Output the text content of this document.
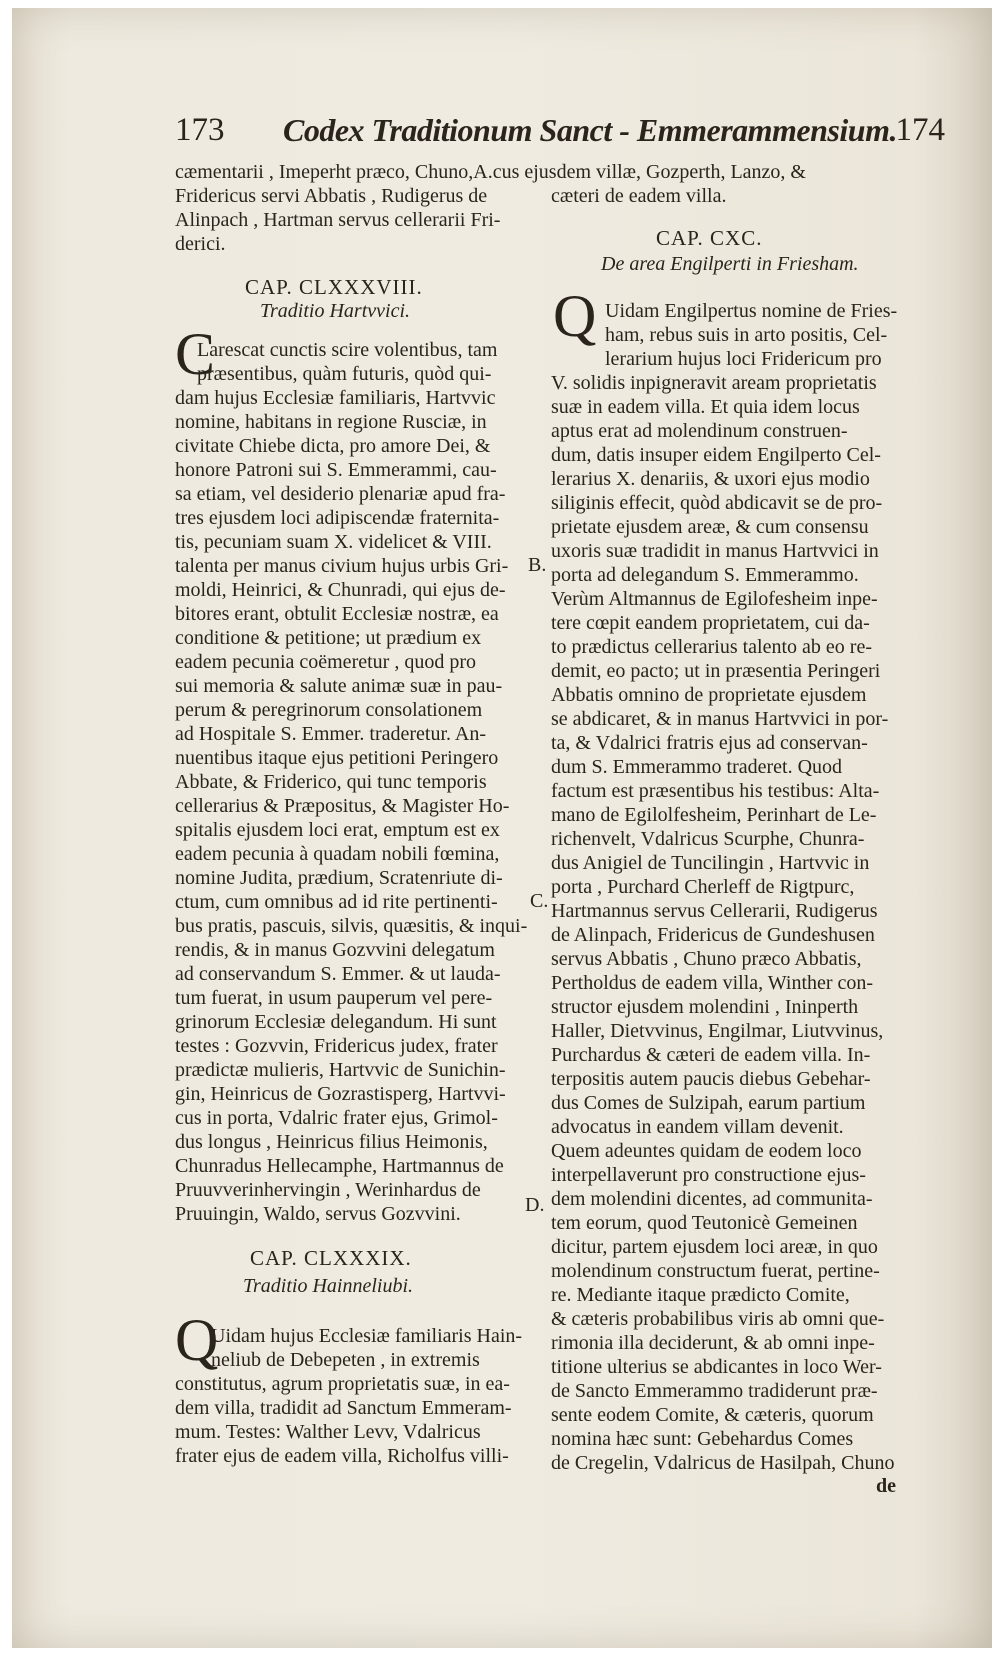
173 Codex Traditionum Sanct - Emmerammensium.
174
cæmentarii , Imeperht præco, Chuno,A.cus ejusdem villæ, Gozperth, Lanzo, &
Fridericus servi Abbatis , Rudigerus de	cæteri de eadem villa.
Alinpach , Hartman servus cellerarii Fri-
derici.	CAP. CXC.
De area Engilperti in Friesham.
CAP. CLXXXVIII.
Traditio Hartvvici.	Uidam Engilpertus nomine de Fries-
ham, rebus suis in arto positis, Cel-
lerarium hujus loci Fridericum pro
V. solidis inpigneravit aream proprietatis
suæ in eadem villa. Et quia idem locus
aptus erat ad molendinum construen-
dum, datis insuper eidem Engilperto Cel-
lerarius X. denariis, & uxori ejus modio
siliginis effecit, quòd abdicavit se de pro-
prietate ejusdem areæ, & cum consensu
uxoris suæ tradidit in manus Hartvvici in
porta ad delegandum S. Emmerammo.
Verùm Altmannus de Egilofesheim inpe-
tere cœpit eandem proprietatem, cui da-
to prædictus cellerarius talento ab eo re-
demit, eo pacto; ut in præsentia Peringeri
Abbatis omnino de proprietate ejusdem
se abdicaret, & in manus Hartvvici in por-
ta, & Vdalrici fratris ejus ad conservan-
dum S. Emmerammo traderet. Quod
factum est præsentibus his testibus: Alta-
mano de Egilolfesheim, Perinhart de Le-
richenvelt, Vdalricus Scurphe, Chunra-
dus Anigiel de Tuncilingin , Hartvvic in
porta , Purchard Cherleff de Rigtpurc,
Hartmannus servus Cellerarii, Rudigerus
de Alinpach, Fridericus de Gundeshusen
servus Abbatis , Chuno præco Abbatis,
Pertholdus de eadem villa, Winther con-
structor ejusdem molendini , Ininperth
Haller, Dietvvinus, Engilmar, Liutvvinus,
Purchardus & cæteri de eadem villa. In-
terpositis autem paucis diebus Gebehar-
dus Comes de Sulzipah, earum partium
advocatus in eandem villam devenit.
Quem adeuntes quidam de eodem loco
interpellaverunt pro constructione ejus-
dem molendini dicentes, ad communita-
tem eorum, quod Teutonicè Gemeinen
dicitur, partem ejusdem loci areæ, in quo
molendinum constructum fuerat, pertine-
re. Mediante itaque prædicto Comite,
& cæteris probabilibus viris ab omni que-
rimonia illa deciderunt, & ab omni inpe-
titione ulterius se abdicantes in loco Wer-
de Sancto Emmerammo tradiderunt præ-
sente eodem Comite, & cæteris, quorum
nomina hæc sunt: Gebehardus Comes
de Cregelin, Vdalricus de Hasilpah, Chuno
Larescat cunctis scire volentibus, tam
præsentibus, quàm futuris, quòd qui-
dam hujus Ecclesiæ familiaris, Hartvvic
nomine, habitans in regione Rusciæ, in
civitate Chiebe dicta, pro amore Dei, &
honore Patroni sui S. Emmerammi, cau-
sa etiam, vel desiderio plenariæ apud fra-
tres ejusdem loci adipiscendæ fraternita-
tis, pecuniam suam X. videlicet & VIII.
talenta per manus civium hujus urbis Gri-
moldi, Heinrici, & Chunradi, qui ejus de-
bitores erant, obtulit Ecclesiæ nostræ, ea
conditione & petitione; ut prædium ex
eadem pecunia coëmeretur , quod pro
sui memoria & salute animæ suæ in pau-
perum & peregrinorum consolationem
ad Hospitale S. Emmer. traderetur. An-
nuentibus itaque ejus petitioni Peringero
Abbate, & Friderico, qui tunc temporis
cellerarius & Præpositus, & Magister Ho-
spitalis ejusdem loci erat, emptum est ex
eadem pecunia à quadam nobili fœmina,
nomine Judita, prædium, Scratenriute di-
ctum, cum omnibus ad id rite pertinenti-
bus pratis, pascuis, silvis, quæsitis, & inqui-
rendis, & in manus Gozvvini delegatum
ad conservandum S. Emmer. & ut lauda-
tum fuerat, in usum pauperum vel pere-
grinorum Ecclesiæ delegandum. Hi sunt
testes : Gozvvin, Fridericus judex, frater
prædictæ mulieris, Hartvvic de Sunichin-
gin, Heinricus de Gozrastisperg, Hartvvi-
cus in porta, Vdalric frater ejus, Grimol-
dus longus , Heinricus filius Heimonis,
Chunradus Hellecamphe, Hartmannus de
Pruuvverinhervingin , Werinhardus de
Pruuingin, Waldo, servus Gozvvini.
CAP. CLXXXIX.
Traditio Hainneliubi.
Uidam hujus Ecclesiæ familiaris Hain-
neliub de Debepeten , in extremis
constitutus, agrum proprietatis suæ, in ea-
dem villa, tradidit ad Sanctum Emmeram-
mum. Testes: Walther Levv, Vdalricus
frater ejus de eadem villa, Richolfus villi-
Q
C
Q
B.
C.
D.
de
